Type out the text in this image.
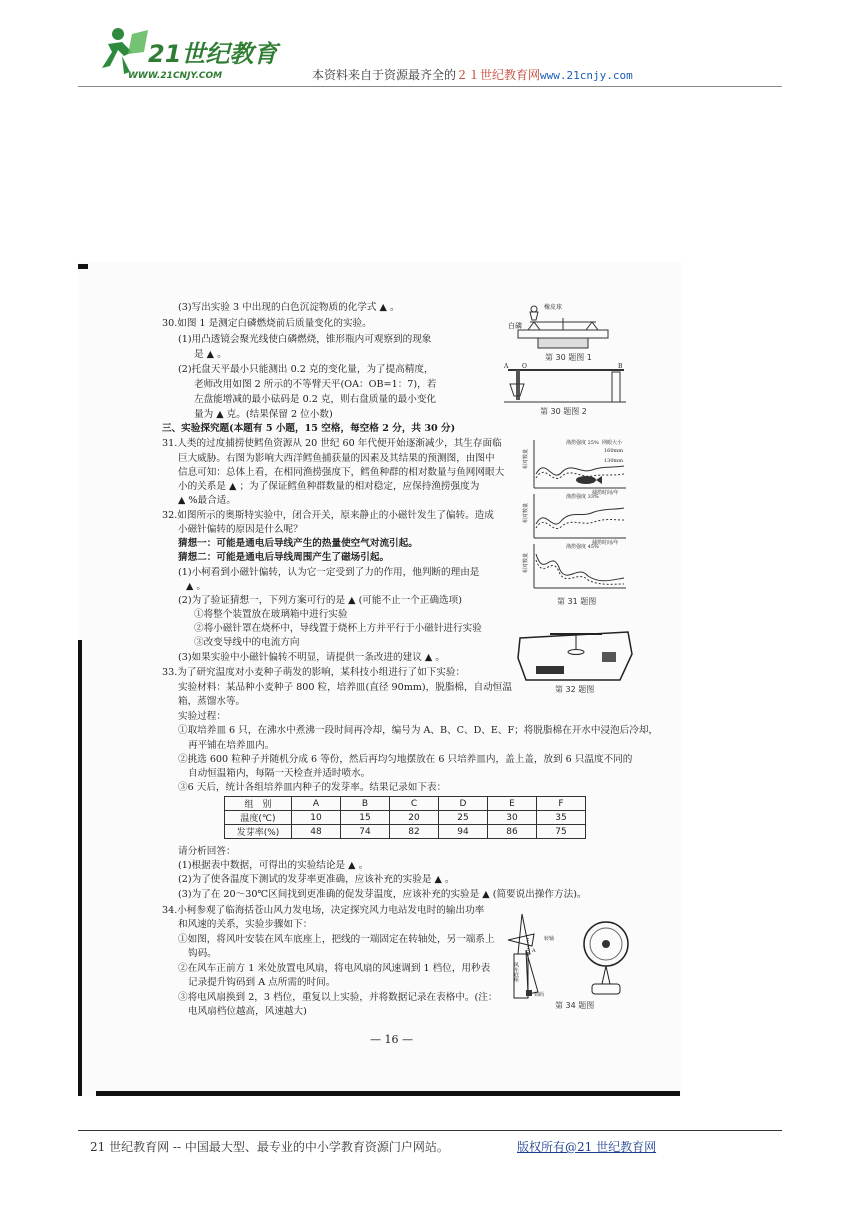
21世纪教育
WWW.21CNJY.COM	本资料来自于资源最齐全的２１世纪教育网www.21cnjy.com
(3)写出实验 3 中出现的白色沉淀物质的化学式 ▲ 。
30.如图 1 是测定白磷燃烧前后质量变化的实验。
(1)用凸透镜会聚光线使白磷燃烧，锥形瓶内可观察到的现象
是 ▲ 。
(2)托盘天平最小只能测出 0.2 克的变化量，为了提高精度，
老师改用如图 2 所示的不等臂天平(OA：OB=1：7)，若
左盘能增减的最小砝码是 0.2 克，则右盘质量的最小变化
量为 ▲ 克。(结果保留 2 位小数)
三、实验探究题(本题有 5 小题，15 空格，每空格 2 分，共 30 分)
31.人类的过度捕捞使鳕鱼资源从 20 世纪 60 年代便开始逐渐减少，其生存面临
巨大威胁。右图为影响大西洋鳕鱼捕获量的因素及其结果的预测图，由图中
信息可知：总体上看，在相同渔捞强度下，鳕鱼种群的相对数量与鱼网网眼大
小的关系是 ▲ ；为了保证鳕鱼种群数量的相对稳定，应保持渔捞强度为
▲ %最合适。
32.如图所示的奥斯特实验中，闭合开关，原来静止的小磁针发生了偏转。造成
小磁针偏转的原因是什么呢？
猜想一：可能是通电后导线产生的热量使空气对流引起。
猜想二：可能是通电后导线周围产生了磁场引起。
(1)小柯看到小磁针偏转，认为它一定受到了力的作用，他判断的理由是
▲ 。
(2)为了验证猜想一，下列方案可行的是 ▲ (可能不止一个正确选项)
①将整个装置放在玻璃箱中进行实验
②将小磁针罩在烧杯中，导线置于烧杯上方并平行于小磁针进行实验
③改变导线中的电流方向
(3)如果实验中小磁针偏转不明显，请提供一条改进的建议 ▲ 。
33.为了研究温度对小麦种子萌发的影响，某科技小组进行了如下实验：
实验材料：某品种小麦种子 800 粒，培养皿(直径 90mm)，脱脂棉，自动恒温
箱，蒸馏水等。
实验过程：
①取培养皿 6 只，在沸水中煮沸一段时间再冷却，编号为 A、B、C、D、E、F；将脱脂棉在开水中浸泡后冷却，
再平铺在培养皿内。
②挑选 600 粒种子并随机分成 6 等份，然后再均匀地摆放在 6 只培养皿内，盖上盖，放到 6 只温度不同的
自动恒温箱内，每隔一天检查并适时喷水。
③6 天后，统计各组培养皿内种子的发芽率。结果记录如下表：
组　别	A	B	C	D	E	F
温度(℃)	10	15	20	25	30	35
发芽率(%)	48	74	82	94	86	75
请分析回答：
(1)根据表中数据，可得出的实验结论是 ▲ 。
(2)为了使各温度下测试的发芽率更准确，应该补充的实验是 ▲ 。
(3)为了在 20～30℃区间找到更准确的促发芽温度，应该补充的实验是 ▲ (简要说出操作方法)。
34.小柯参观了临海括苍山风力发电场，决定探究风力电站发电时的输出功率
和风速的关系，实验步骤如下：
①如图，将风叶安装在风车底座上，把线的一端固定在转轴处，另一端系上
钩码。
②在风车正前方 1 米处放置电风扇，将电风扇的风速调到 1 档位，用秒表
记录提升钩码到 A 点所需的时间。
③将电风扇换到 2，3 档位，重复以上实验，并将数据记录在表格中。(注：
电风扇档位越高，风速越大)
白磷
橡皮球
第 30 题图 1
A O	B
第 30 题图 2
相对数量
渔捞强度 25% 网眼大小
160mm
130mm
捕捞时间/年
相对数量
渔捞强度 33%
捕捞时间/年
相对数量
渔捞强度 45%
第 31 题图
第 32 题图
风车底座
钩码
转轴
A
第 34 题图
— 16 —
21 世纪教育网 -- 中国最大型、最专业的中小学教育资源门户网站。	版权所有@21 世纪教育网
